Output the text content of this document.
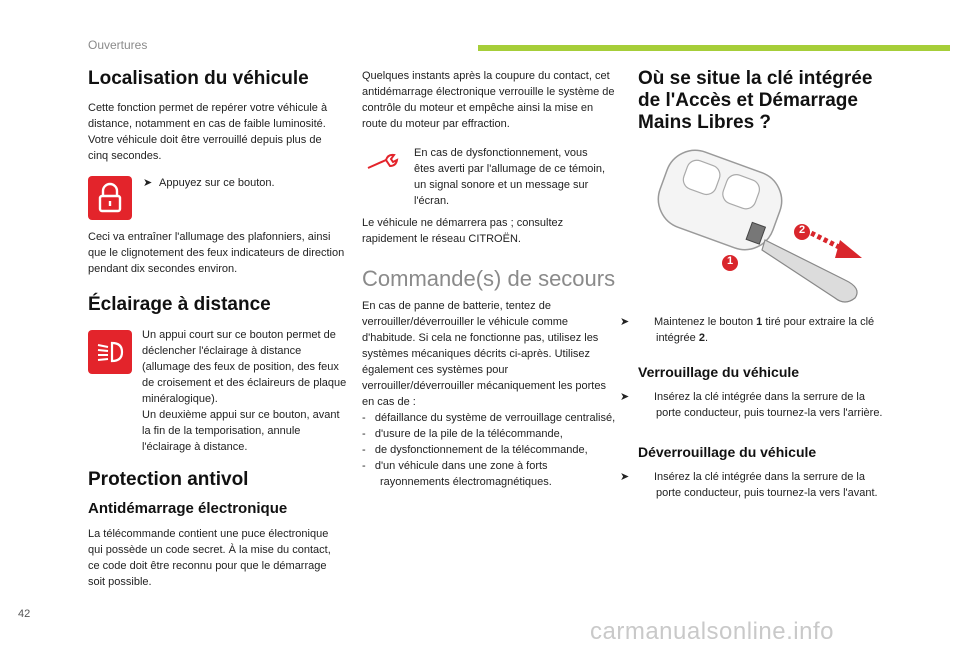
Ouvertures
Localisation du véhicule
Cette fonction permet de repérer votre véhicule à distance, notamment en cas de faible luminosité. Votre véhicule doit être verrouillé depuis plus de cinq secondes.
➤ Appuyez sur ce bouton.
Ceci va entraîner l'allumage des plafonniers, ainsi que le clignotement des feux indicateurs de direction pendant dix secondes environ.
Éclairage à distance
Un appui court sur ce bouton permet de déclencher l'éclairage à distance (allumage des feux de position, des feux de croisement et des éclaireurs de plaque minéralogique).
Un deuxième appui sur ce bouton, avant la fin de la temporisation, annule l'éclairage à distance.
Protection antivol
Antidémarrage électronique
La télécommande contient une puce électronique qui possède un code secret. À la mise du contact, ce code doit être reconnu pour que le démarrage soit possible.
Quelques instants après la coupure du contact, cet antidémarrage électronique verrouille le système de contrôle du moteur et empêche ainsi la mise en route du moteur par effraction.
En cas de dysfonctionnement, vous êtes averti par l'allumage de ce témoin, un signal sonore et un message sur l'écran.
Le véhicule ne démarrera pas ; consultez rapidement le réseau CITROËN.
Commande(s) de secours
En cas de panne de batterie, tentez de verrouiller/déverrouiller le véhicule comme d'habitude. Si cela ne fonctionne pas, utilisez les systèmes mécaniques décrits ci-après. Utilisez également ces systèmes pour verrouiller/déverrouiller mécaniquement les portes en cas de :
-   défaillance du système de verrouillage centralisé,
-   d'usure de la pile de la télécommande,
-   de dysfonctionnement de la télécommande,
-   d'un véhicule dans une zone à forts rayonnements électromagnétiques.
Où se situe la clé intégrée de l'Accès et Démarrage Mains Libres ?
2
1
➤ Maintenez le bouton 1 tiré pour extraire la clé intégrée 2.
Verrouillage du véhicule
➤ Insérez la clé intégrée dans la serrure de la porte conducteur, puis tournez-la vers l'arrière.
Déverrouillage du véhicule
➤ Insérez la clé intégrée dans la serrure de la porte conducteur, puis tournez-la vers l'avant.
42
carmanualsonline.info
